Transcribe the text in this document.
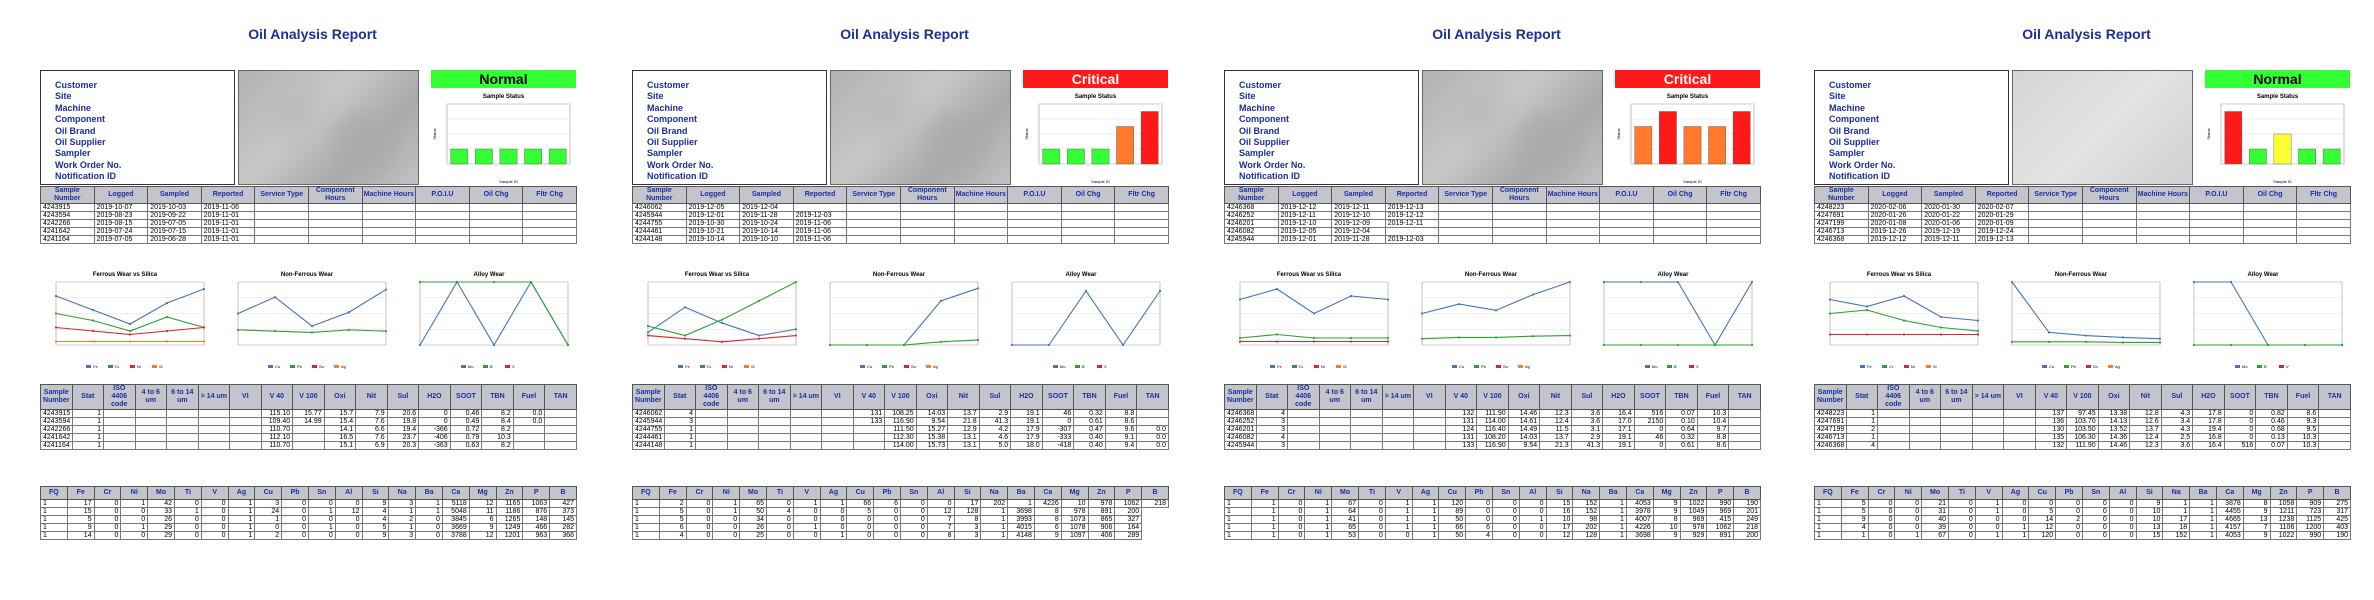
Oil Analysis Report
Customer
Site
Machine
Component
Oil Brand
Oil Supplier
Sampler
Work Order No.
Notification ID
Normal
Sample Status
Status
Sample ID
Sample Number	Logged	Sampled	Reported	Service Type	Component Hours	Machine Hours	P.O.I.U	Oil Chg	Fltr Chg
4243915	2019-10-07	2019-10-03	2019-11-06						
4243594	2019-08-23	2019-09-22	2019-11-01						
4242266	2019-08-15	2019-07-05	2019-11-01						
4241642	2019-07-24	2019-07-15	2019-11-01						
4241164	2019-07-05	2019-06-28	2019-11-01						
Ferrous Wear vs Silica
Fe	Cr	Ni	Si
Non-Ferrous Wear
Cu	Pb	Sn	Ag
Alloy Wear
Mo	B	V
Sample Number	Stat	ISO 4406 code	4 to 6 um	6 to 14 um	> 14 um	VI	V 40	V 100	Oxi	Nit	Sul	H2O	SOOT	TBN	Fuel	TAN
4243915	1						115.10	15.77	15.7	7.9	20.6	0	0.46	8.2	0.0	
4243594	1						109.40	14.99	15.4	7.6	19.8	0	0.49	8.4	0.0	
4242266	1						110.70		14.1	6.6	19.4	-366	0.72	8.2		
4241642	1						112.10		16.5	7.6	23.7	-406	0.79	10.3		
4241164	1						110.70		15.1	6.9	20.3	-363	0.63	8.2		
FQ	Fe	Cr	Ni	Mo	Ti	V	Ag	Cu	Pb	Sn	Al	Si	Na	Ba	Ca	Mg	Zn	P	B
1	17	0	1	42	0	0	1	3	0	0	0	9	3	1	5118	12	1165	1063	427
1	15	0	0	33	1	0	1	24	0	1	12	4	1	1	5048	11	1186	876	373
1	5	0	0	26	0	0	1	1	0	0	0	4	2	0	3845	6	1265	148	145
1	9	0	1	29	0	0	1	0	0	1	0	5	1	0	3669	9	1249	466	282
1	14	0	0	29	0	0	1	2	0	0	0	9	3	0	3788	12	1201	963	366
Oil Analysis Report
Customer
Site
Machine
Component
Oil Brand
Oil Supplier
Sampler
Work Order No.
Notification ID
Critical
Sample Status
Status
Sample ID
Sample Number	Logged	Sampled	Reported	Service Type	Component Hours	Machine Hours	P.O.I.U	Oil Chg	Fltr Chg
4246062	2019-12-05	2019-12-04							
4245944	2019-12-01	2019-11-28	2019-12-03						
4244755	2019-10-30	2019-10-24	2019-11-06						
4244461	2019-10-21	2019-10-14	2019-11-06						
4244148	2019-10-14	2019-10-10	2019-11-06						
Ferrous Wear vs Silica
Fe	Cr	Ni	Si
Non-Ferrous Wear
Cu	Pb	Sn	Ag
Alloy Wear
Mo	B	V
Sample Number	Stat	ISO 4406 code	4 to 6 um	6 to 14 um	> 14 um	VI	V 40	V 100	Oxi	Nit	Sul	H2O	SOOT	TBN	Fuel	TAN
4246062	4						131	108.25	14.03	13.7	2.9	19.1	46	0.32	8.8	
4245944	3						133	116.90	9.54	21.8	41.3	19.1	0	0.61	8.6	
4244755	1							111.50	15.27	12.9	4.2	17.9	-307	0.47	9.6	0.0
4244461	1							112.30	15.38	13.1	4.6	17.9	-333	0.40	9.1	0.0
4244148	1							114.00	15.73	13.1	5.0	18.0	-418	0.40	9.4	0.0
FQ	Fe	Cr	Ni	Mo	Ti	V	Ag	Cu	Pb	Sn	Al	Si	Na	Ba	Ca	Mg	Zn	P	B
1	2	0	1	65	0	1	1	66	6	0	0	17	202	1	4226	10	978	1062	218
1	5	0	1	50	4	0	0	5	0	0	12	128	1	3698	8	978	891	200	
1	5	0	0	34	0	0	0	0	0	0	7	8	1	3993	8	1073	865	327	
1	6	0	0	26	0	1	0	0	0	0	7	3	1	4015	6	1078	906	164	
1	4	0	0	25	0	0	1	0	0	0	8	3	1	4148	9	1097	406	289	
Oil Analysis Report
Customer
Site
Machine
Component
Oil Brand
Oil Supplier
Sampler
Work Order No.
Notification ID
Critical
Sample Status
Status
Sample ID
Sample Number	Logged	Sampled	Reported	Service Type	Component Hours	Machine Hours	P.O.I.U	Oil Chg	Fltr Chg
4246368	2019-12-12	2019-12-11	2019-12-13						
4246252	2019-12-11	2019-12-10	2019-12-12						
4246201	2019-12-10	2019-12-09	2019-12-11						
4246082	2019-12-05	2019-12-04							
4245944	2019-12-01	2019-11-28	2019-12-03						
Ferrous Wear vs Silica
Fe	Cr	Ni	Si
Non-Ferrous Wear
Cu	Pb	Sn	Ag
Alloy Wear
Mo	B	V
Sample Number	Stat	ISO 4406 code	4 to 6 um	6 to 14 um	> 14 um	VI	V 40	V 100	Oxi	Nit	Sul	H2O	SOOT	TBN	Fuel	TAN
4246368	4						132	111.90	14.46	12.3	3.6	16.4	516	0.07	10.3	
4246252	3						131	114.00	14.61	12.4	3.6	17.0	2150	0.10	10.4	
4246201	3						124	116.40	14.49	11.5	3.1	17.1	0	0.64	9.7	
4246082	4						131	108.20	14.03	13.7	2.9	19.1	46	0.32	8.8	
4245944	3						133	116.90	9.54	21.3	41.3	19.1	0	0.61	8.6	
FQ	Fe	Cr	Ni	Mo	Ti	V	Ag	Cu	Pb	Sn	Al	Si	Na	Ba	Ca	Mg	Zn	P	B
1	1	0	1	67	0	1	1	120	0	0	0	15	152	1	4053	9	1022	990	190
1	1	0	1	64	0	1	1	89	0	0	0	16	152	1	3978	9	1049	969	201
1	1	0	1	41	0	1	1	50	0	0	1	10	98	1	4007	8	969	415	249
1	1	0	1	65	0	1	1	66	6	0	0	17	202	1	4226	10	978	1062	218
1	1	0	1	53	0	0	1	50	4	0	0	12	128	1	3698	9	929	891	200
Oil Analysis Report
Customer
Site
Machine
Component
Oil Brand
Oil Supplier
Sampler
Work Order No.
Notification ID
Normal
Sample Status
Status
Sample ID
Sample Number	Logged	Sampled	Reported	Service Type	Component Hours	Machine Hours	P.O.I.U	Oil Chg	Fltr Chg
4248223	2020-02-06	2020-01-30	2020-02-07						
4247691	2020-01-26	2020-01-22	2020-01-29						
4247199	2020-01-08	2020-01-06	2020-01-09						
4246713	2019-12-26	2019-12-19	2019-12-24						
4246368	2019-12-12	2019-12-11	2019-12-13						
Ferrous Wear vs Silica
Fe	Cr	Ni	Si
Non-Ferrous Wear
Cu	Pb	Sn	Ag
Alloy Wear
Mo	B	V
Sample Number	Stat	ISO 4406 code	4 to 6 um	6 to 14 um	> 14 um	VI	V 40	V 100	Oxi	Nit	Sul	H2O	SOOT	TBN	Fuel	TAN
4248223	1						137	97.45	13.38	12.8	4.3	17.8	0	0.82	8.6	
4247691	1						136	103.70	14.13	12.6	3.4	17.8	0	0.46	9.3	
4247199	2						130	103.50	13.52	13.7	4.3	19.4	0	0.68	9.5	
4246713	1						135	106.30	14.36	12.4	2.5	16.8	0	0.13	10.3	
4246368	4						132	111.90	14.46	12.3	3.6	16.4	516	0.07	10.3	
FQ	Fe	Cr	Ni	Mo	Ti	V	Ag	Cu	Pb	Sn	Al	Si	Na	Ba	Ca	Mg	Zn	P	B
1	5	0	0	21	0	1	0	0	0	0	0	9	1	1	3878	8	1058	909	275
1	5	0	0	31	0	1	0	5	0	0	0	10	1	1	4455	9	1211	723	317
1	9	0	0	40	0	0	0	14	2	0	0	10	17	1	4665	13	1238	1125	425
1	4	0	0	39	0	0	1	12	0	0	0	13	18	1	4157	7	1106	1200	403
1	1	0	1	67	0	1	1	120	0	0	0	15	152	1	4053	9	1022	990	190
